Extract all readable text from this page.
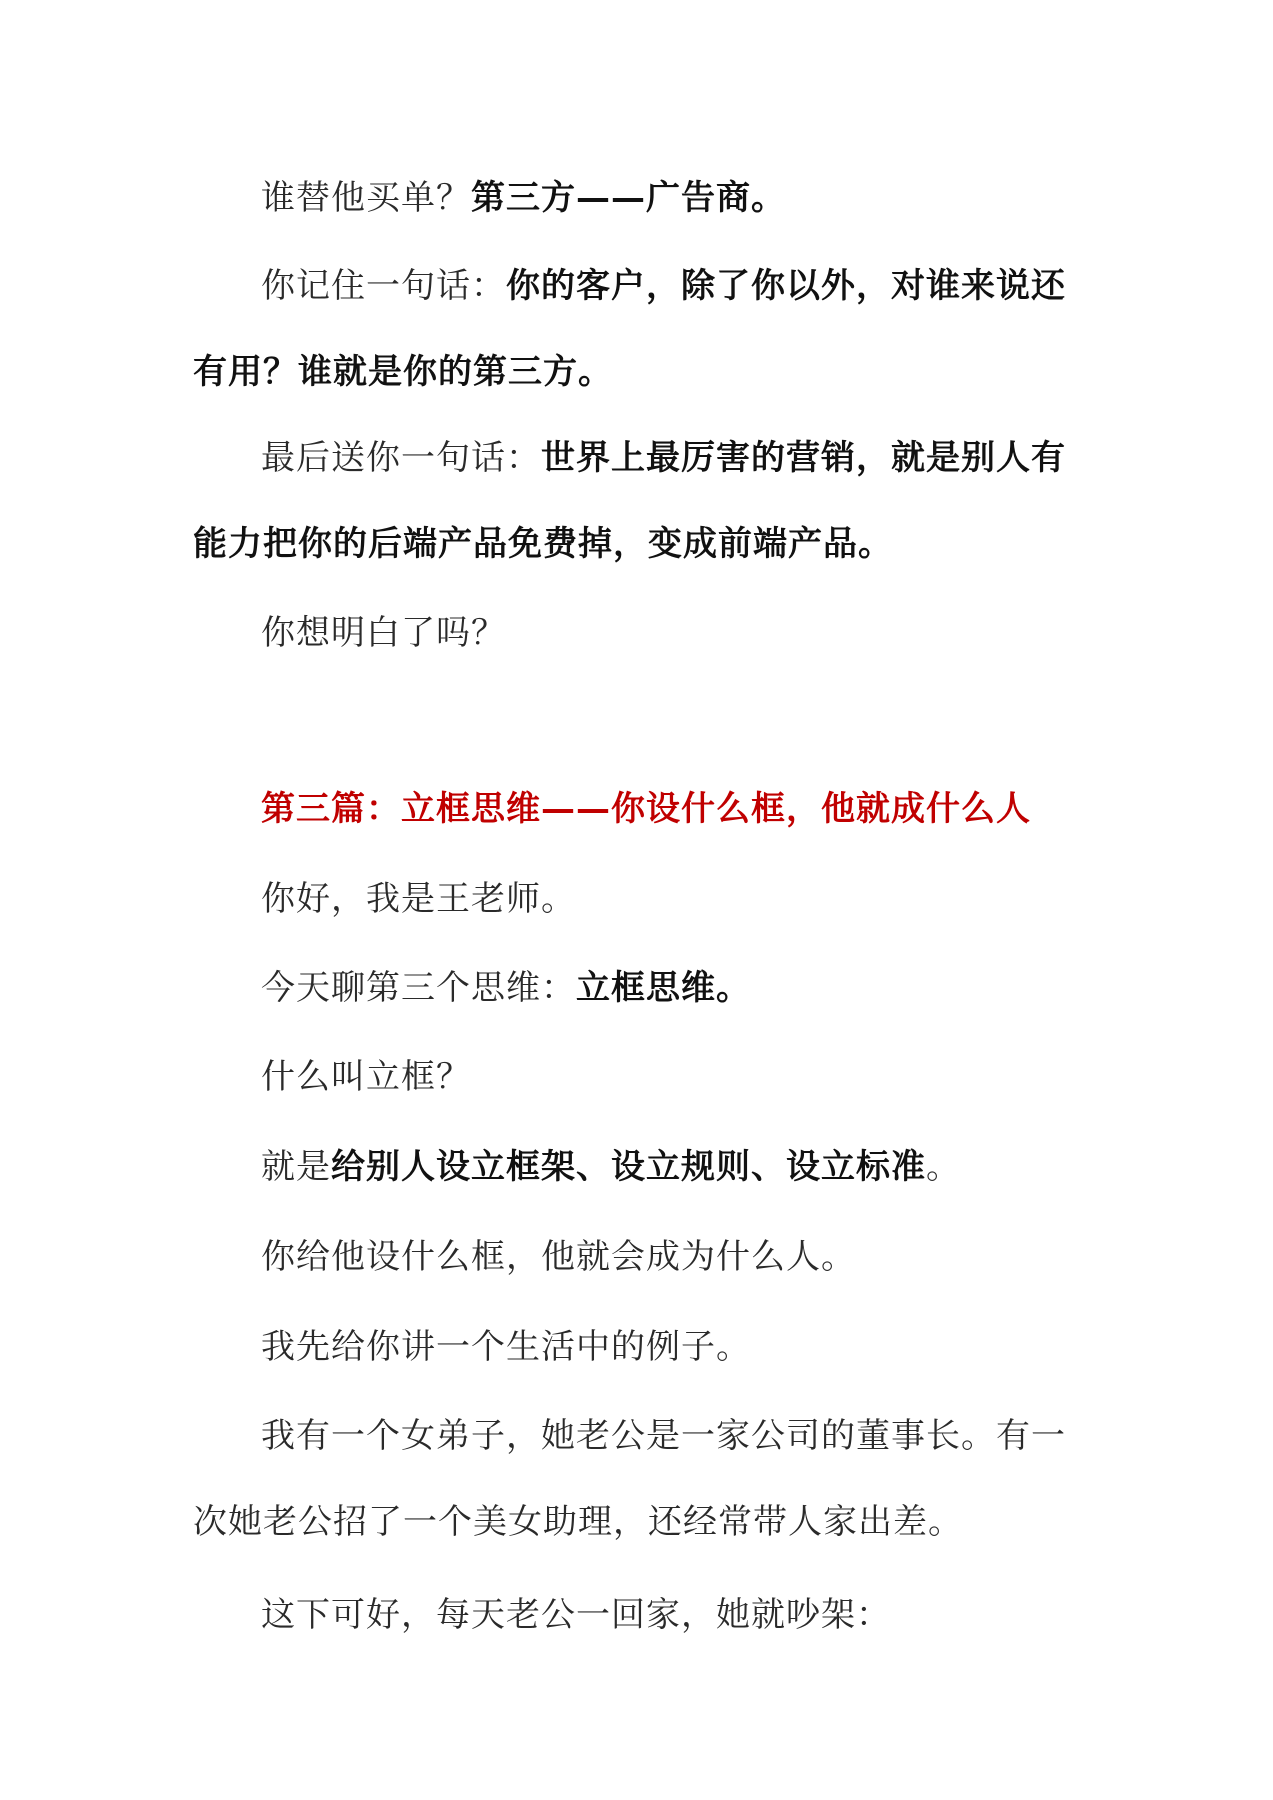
谁替他买单？第三方——广告商。

你记住一句话：你的客户，除了你以外，对谁来说还有用？谁就是你的第三方。

最后送你一句话：世界上最厉害的营销，就是别人有能力把你的后端产品免费掉，变成前端产品。

你想明白了吗？

第三篇：立框思维——你设什么框，他就成什么人

你好，我是王老师。

今天聊第三个思维：立框思维。

什么叫立框？

就是给别人设立框架、设立规则、设立标准。

你给他设什么框，他就会成为什么人。

我先给你讲一个生活中的例子。

我有一个女弟子，她老公是一家公司的董事长。有一次她老公招了一个美女助理，还经常带人家出差。

这下可好，每天老公一回家，她就吵架：
